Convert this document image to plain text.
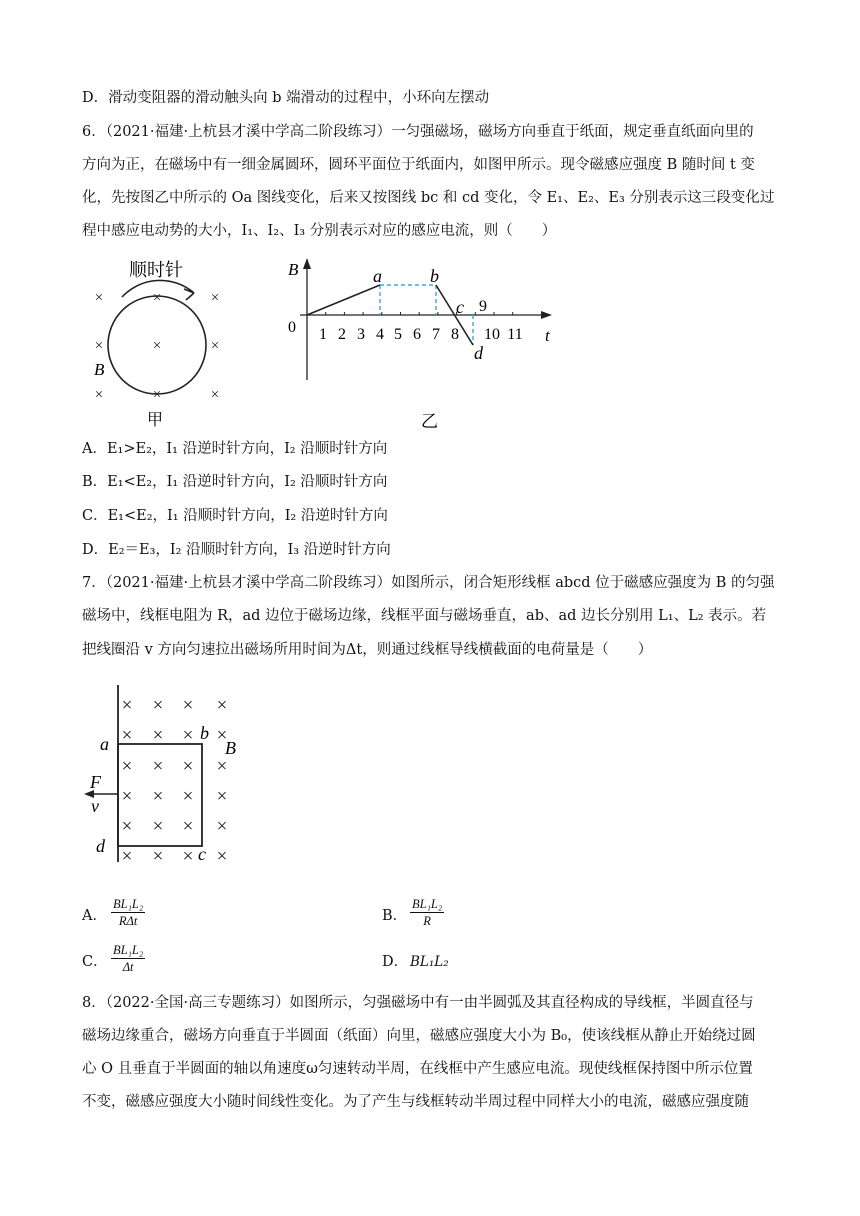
D．滑动变阻器的滑动触头向 b 端滑动的过程中，小环向左摆动
6．（2021·福建·上杭县才溪中学高二阶段练习）一匀强磁场，磁场方向垂直于纸面，规定垂直纸面向里的
方向为正，在磁场中有一细金属圆环，圆环平面位于纸面内，如图甲所示。现令磁感应强度 B 随时间 t 变
化，先按图乙中所示的 Oa 图线变化，后来又按图线 bc 和 cd 变化，令 E₁、E₂、E₃ 分别表示这三段变化过
程中感应电动势的大小，I₁、I₂、I₃ 分别表示对应的感应电流，则（　　）
×	×	×
×	×	×
×	×	×
顺时针
B
甲
B
t
0 1 2 3 4 5 6 7 8
9
10 11
a	b
c
d
乙
A．E₁>E₂，I₁ 沿逆时针方向，I₂ 沿顺时针方向
B．E₁<E₂，I₁ 沿逆时针方向，I₂ 沿顺时针方向
C．E₁<E₂，I₁ 沿顺时针方向，I₂ 沿逆时针方向
D．E₂＝E₃，I₂ 沿顺时针方向，I₃ 沿逆时针方向
7．（2021·福建·上杭县才溪中学高二阶段练习）如图所示，闭合矩形线框 abcd 位于磁感应强度为 B 的匀强
磁场中，线框电阻为 R，ad 边位于磁场边缘，线框平面与磁场垂直，ab、ad 边长分别用 L₁、L₂ 表示。若
把线圈沿 v 方向匀速拉出磁场所用时间为Δt，则通过线框导线横截面的电荷量是（　　）
× × × ×
× × × ×
× × × ×
× × × ×
× × × ×
× × × ×
a
b
c
d
B
F
v
A．
BL₁L₂
RΔt	B． $\frac{\text{BL₁L₂}}{R}$
C． $\frac{\text{BL₁L₂}}{\Delta t}$	D． BL₁L₂
8．（2022·全国·高三专题练习）如图所示，匀强磁场中有一由半圆弧及其直径构成的导线框，半圆直径与
磁场边缘重合，磁场方向垂直于半圆面（纸面）向里，磁感应强度大小为 B₀，使该线框从静止开始绕过圆
心 O 且垂直于半圆面的轴以角速度ω匀速转动半周，在线框中产生感应电流。现使线框保持图中所示位置
不变，磁感应强度大小随时间线性变化。为了产生与线框转动半周过程中同样大小的电流，磁感应强度随
